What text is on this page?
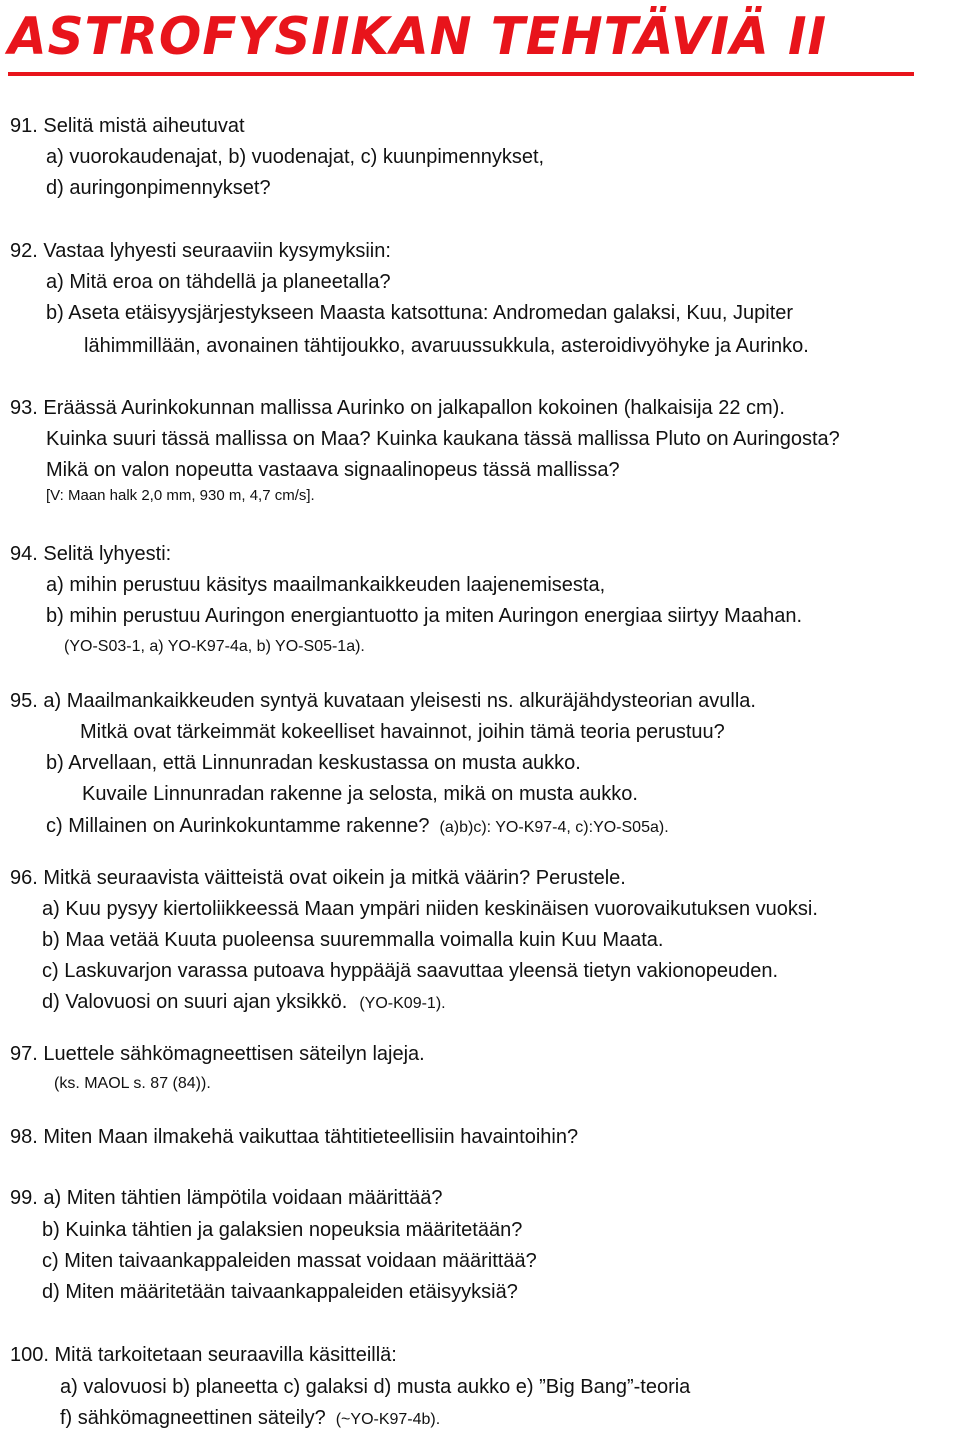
ASTROFYSIIKAN TEHTÄVIÄ II
91. Selitä mistä aiheutuvat
a) vuorokaudenajat, b) vuodenajat, c) kuunpimennykset,
d) auringonpimennykset?
92. Vastaa lyhyesti seuraaviin kysymyksiin:
a) Mitä eroa on tähdellä ja planeetalla?
b) Aseta etäisyysjärjestykseen Maasta katsottuna: Andromedan galaksi, Kuu, Jupiter
lähimmillään, avonainen tähtijoukko, avaruussukkula, asteroidivyöhyke ja Aurinko.
93. Eräässä Aurinkokunnan mallissa Aurinko on jalkapallon kokoinen (halkaisija 22 cm).
Kuinka suuri tässä mallissa on Maa? Kuinka kaukana tässä mallissa Pluto on Auringosta?
Mikä on valon nopeutta vastaava signaalinopeus tässä mallissa?
[V: Maan halk 2,0 mm, 930 m, 4,7 cm/s].
94. Selitä lyhyesti:
a) mihin perustuu käsitys maailmankaikkeuden laajenemisesta,
b) mihin perustuu Auringon energiantuotto ja miten Auringon energiaa siirtyy Maahan.
(YO-S03-1, a) YO-K97-4a, b) YO-S05-1a).
95. a) Maailmankaikkeuden syntyä kuvataan yleisesti ns. alkuräjähdysteorian avulla.
Mitkä ovat tärkeimmät kokeelliset havainnot, joihin tämä teoria perustuu?
b) Arvellaan, että Linnunradan keskustassa on musta aukko.
Kuvaile Linnunradan rakenne ja selosta, mikä on musta aukko.
c) Millainen on Aurinkokuntamme rakenne? (a)b)c): YO-K97-4, c):YO-S05a).
96. Mitkä seuraavista väitteistä ovat oikein ja mitkä väärin? Perustele.
a) Kuu pysyy kiertoliikkeessä Maan ympäri niiden keskinäisen vuorovaikutuksen vuoksi.
b) Maa vetää Kuuta puoleensa suuremmalla voimalla kuin Kuu Maata.
c) Laskuvarjon varassa putoava hyppääjä saavuttaa yleensä tietyn vakionopeuden.
d) Valovuosi on suuri ajan yksikkö. (YO-K09-1).
97. Luettele sähkömagneettisen säteilyn lajeja.
(ks. MAOL s. 87 (84)).
98. Miten Maan ilmakehä vaikuttaa tähtitieteellisiin havaintoihin?
99. a) Miten tähtien lämpötila voidaan määrittää?
b) Kuinka tähtien ja galaksien nopeuksia määritetään?
c) Miten taivaankappaleiden massat voidaan määrittää?
d) Miten määritetään taivaankappaleiden etäisyyksiä?
100. Mitä tarkoitetaan seuraavilla käsitteillä:
a) valovuosi b) planeetta c) galaksi d) musta aukko e) ”Big Bang”-teoria
f) sähkömagneettinen säteily? (~YO-K97-4b).
